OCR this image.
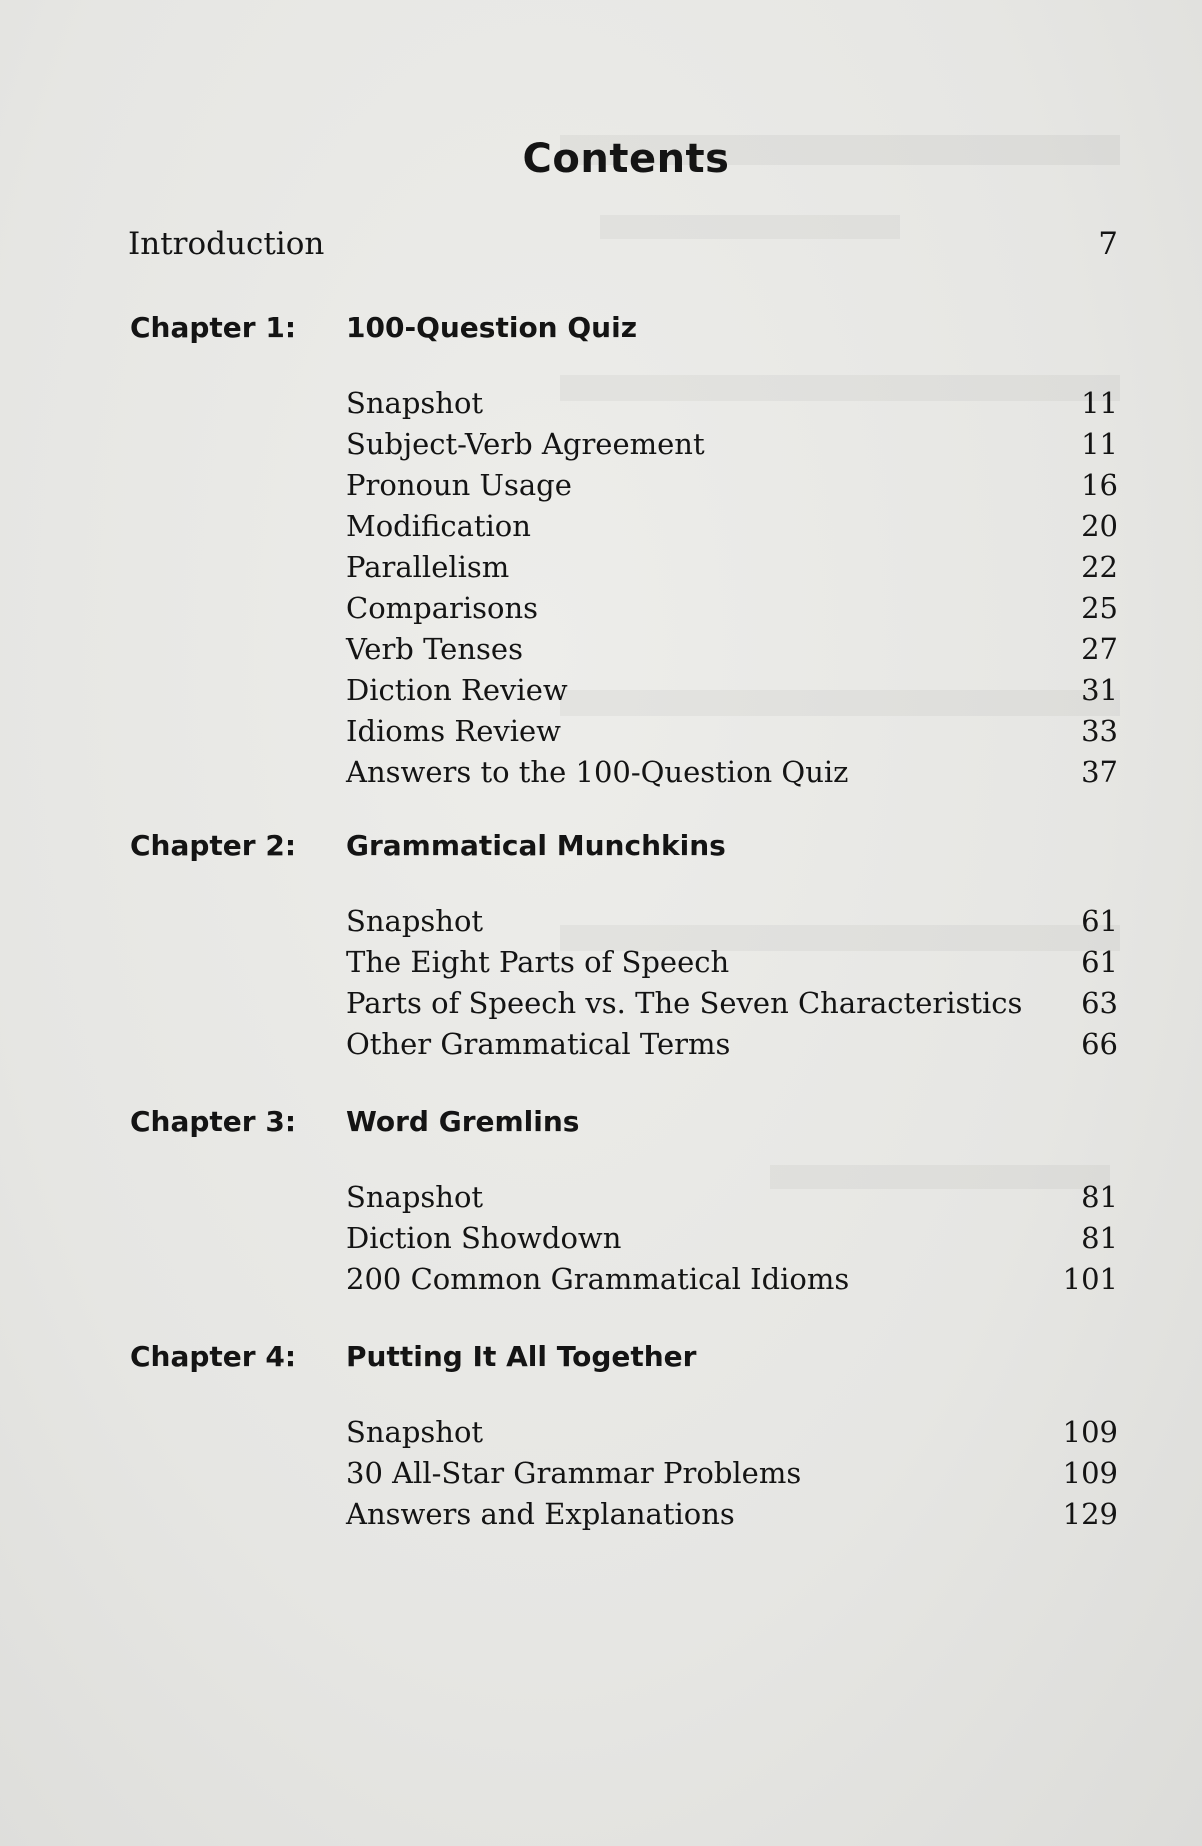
Contents
Introduction	7
Chapter 1: 100-Question Quiz
Snapshot	11
Subject-Verb Agreement	11
Pronoun Usage	16
Modification	20
Parallelism	22
Comparisons	25
Verb Tenses	27
Diction Review	31
Idioms Review	33
Answers to the 100-Question Quiz	37
Chapter 2: Grammatical Munchkins
Snapshot	61
The Eight Parts of Speech	61
Parts of Speech vs. The Seven Characteristics 63
Other Grammatical Terms	66
Chapter 3: Word Gremlins
Snapshot	81
Diction Showdown	81
200 Common Grammatical Idioms	101
Chapter 4: Putting It All Together
Snapshot	109
30 All-Star Grammar Problems	109
Answers and Explanations	129
